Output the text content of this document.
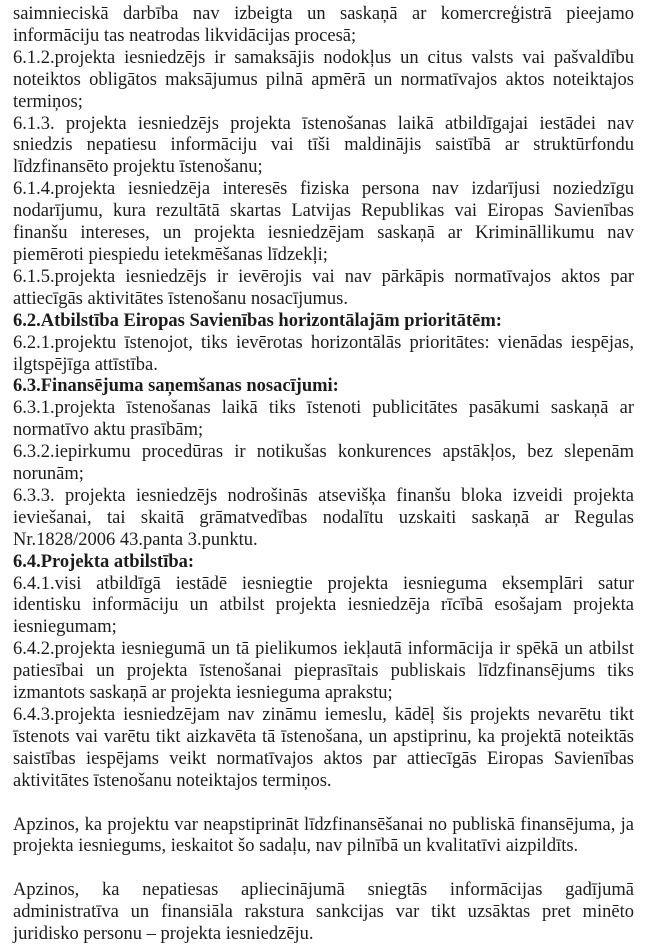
saimnieciskā darbība nav izbeigta un saskaņā ar komercreģistrā pieejamo informāciju tas neatrodas likvidācijas procesā;

6.1.2.projekta iesniedzējs ir samaksājis nodokļus un citus valsts vai pašvaldību noteiktos obligātos maksājumus pilnā apmērā un normatīvajos aktos noteiktajos termiņos;

6.1.3. projekta iesniedzējs projekta īstenošanas laikā atbildīgajai iestādei nav sniedzis nepatiesu informāciju vai tīši maldinājis saistībā ar struktūrfondu līdzfinansēto projektu īstenošanu;

6.1.4.projekta iesniedzēja interesēs fiziska persona nav izdarījusi noziedzīgu nodarījumu, kura rezultātā skartas Latvijas Republikas vai Eiropas Savienības finanšu intereses, un projekta iesniedzējam saskaņā ar Krimināllikumu nav piemēroti piespiedu ietekmēšanas līdzekļi;

6.1.5.projekta iesniedzējs ir ievērojis vai nav pārkāpis normatīvajos aktos par attiecīgās aktivitātes īstenošanu nosacījumus.

6.2.Atbilstība Eiropas Savienības horizontālajām prioritātēm:

6.2.1.projektu īstenojot, tiks ievērotas horizontālās prioritātes: vienādas iespējas, ilgtspējīga attīstība.

6.3.Finansējuma saņemšanas nosacījumi:

6.3.1.projekta īstenošanas laikā tiks īstenoti publicitātes pasākumi saskaņā ar normatīvo aktu prasībām;

6.3.2.iepirkumu procedūras ir notikušas konkurences apstākļos, bez slepenām norunām;

6.3.3. projekta iesniedzējs nodrošinās atsevišķa finanšu bloka izveidi projekta ieviešanai, tai skaitā grāmatvedības nodalītu uzskaiti saskaņā ar Regulas Nr.1828/2006 43.panta 3.punktu.

6.4.Projekta atbilstība:

6.4.1.visi atbildīgā iestādē iesniegtie projekta iesnieguma eksemplāri satur identisku informāciju un atbilst projekta iesniedzēja rīcībā esošajam projekta iesniegumam;

6.4.2.projekta iesniegumā un tā pielikumos iekļautā informācija ir spēkā un atbilst patiesībai un projekta īstenošanai pieprasītais publiskais līdzfinansējums tiks izmantots saskaņā ar projekta iesnieguma aprakstu;

6.4.3.projekta iesniedzējam nav zināmu iemeslu, kādēļ šis projekts nevarētu tikt īstenots vai varētu tikt aizkavēta tā īstenošana, un apstiprinu, ka projektā noteiktās saistības iespējams veikt normatīvajos aktos par attiecīgās Eiropas Savienības aktivitātes īstenošanu noteiktajos termiņos.

Apzinos, ka projektu var neapstiprināt līdzfinansēšanai no publiskā finansējuma, ja projekta iesniegums, ieskaitot šo sadaļu, nav pilnībā un kvalitatīvi aizpildīts.

Apzinos, ka nepatiesas apliecinājumā sniegtās informācijas gadījumā administratīva un finansiāla rakstura sankcijas var tikt uzsāktas pret minēto juridisko personu – projekta iesniedzēju.
